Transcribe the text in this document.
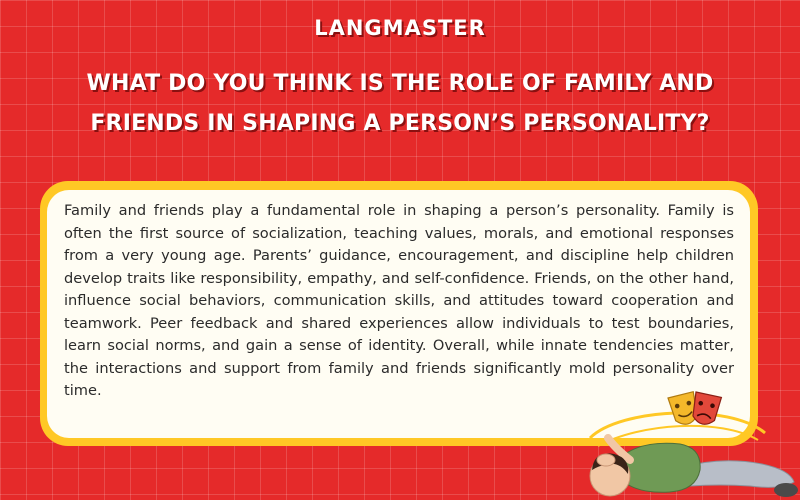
LANGMASTER
WHAT DO YOU THINK IS THE ROLE OF FAMILY AND FRIENDS IN SHAPING A PERSON’S PERSONALITY?

Family and friends play a fundamental role in shaping a person’s personality. Family is often the first source of socialization, teaching values, morals, and emotional responses from a very young age. Parents’ guidance, encouragement, and discipline help children develop traits like responsibility, empathy, and self-confidence. Friends, on the other hand, influence social behaviors, communication skills, and attitudes toward cooperation and teamwork. Peer feedback and shared experiences allow individuals to test boundaries, learn social norms, and gain a sense of identity. Overall, while innate tendencies matter, the interactions and support from family and friends significantly mold personality over time.
